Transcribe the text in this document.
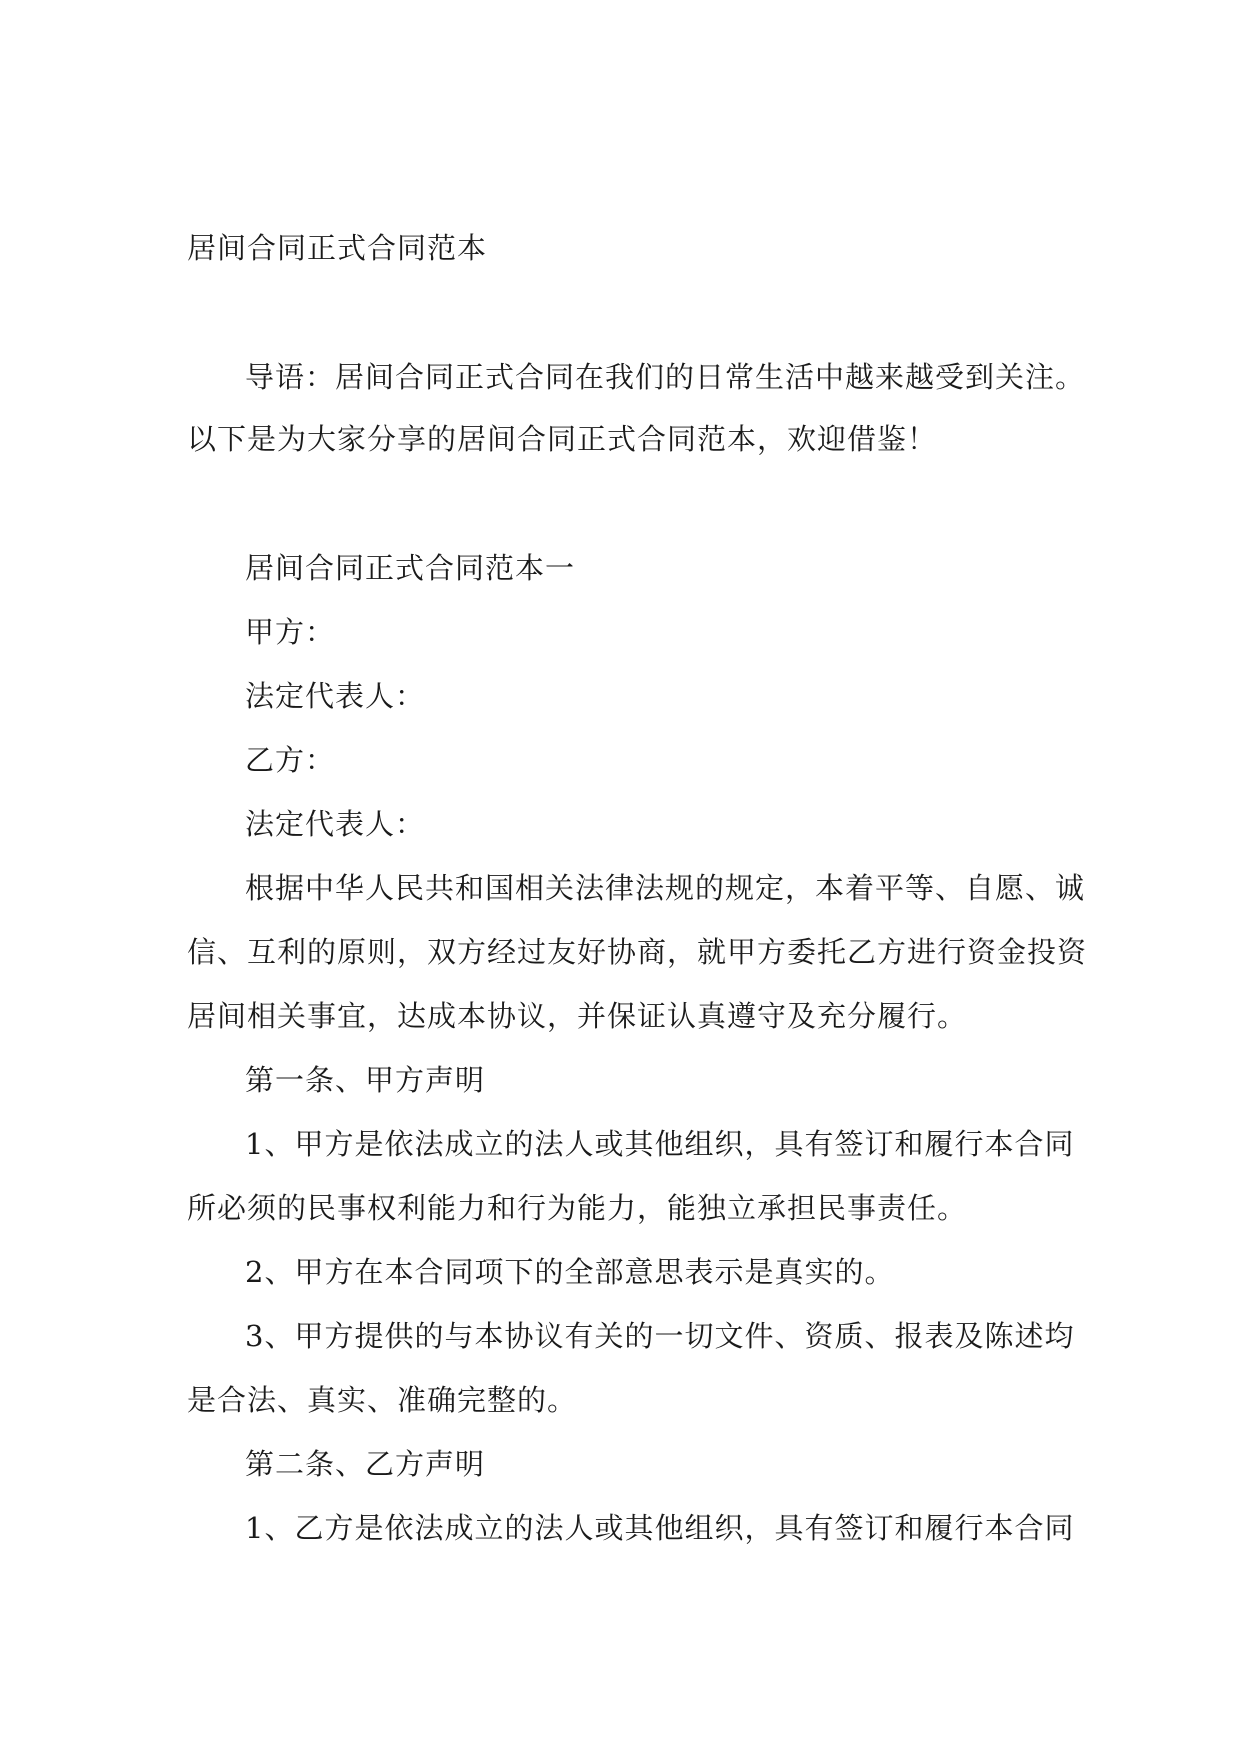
居间合同正式合同范本

导语：居间合同正式合同在我们的日常生活中越来越受到关注。

以下是为大家分享的居间合同正式合同范本，欢迎借鉴！

居间合同正式合同范本一

甲方：

法定代表人：

乙方：

法定代表人：

根据中华人民共和国相关法律法规的规定，本着平等、自愿、诚

信、互利的原则，双方经过友好协商，就甲方委托乙方进行资金投资

居间相关事宜，达成本协议，并保证认真遵守及充分履行。

第一条、甲方声明

1、甲方是依法成立的法人或其他组织，具有签订和履行本合同

所必须的民事权利能力和行为能力，能独立承担民事责任。

2、甲方在本合同项下的全部意思表示是真实的。

3、甲方提供的与本协议有关的一切文件、资质、报表及陈述均

是合法、真实、准确完整的。

第二条、乙方声明

1、乙方是依法成立的法人或其他组织，具有签订和履行本合同
